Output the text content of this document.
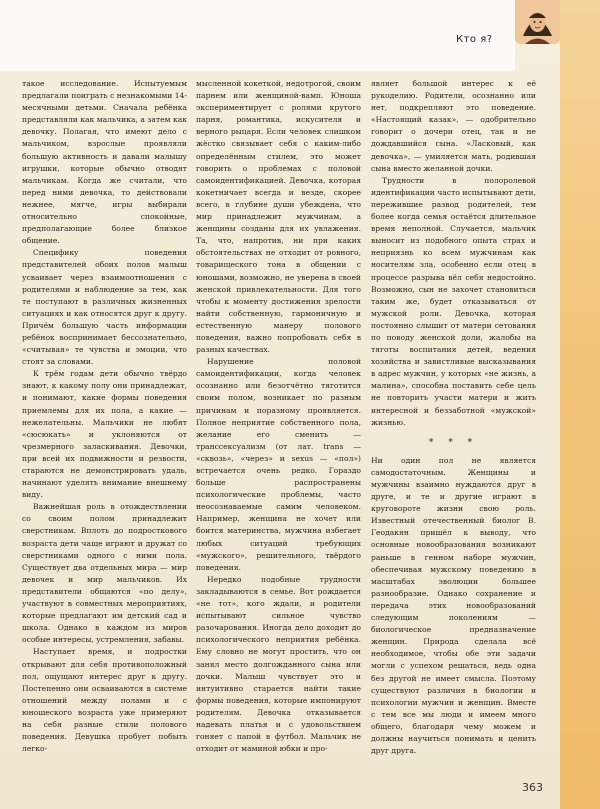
Кто я?

такое исследование. Испытуемым предлагали поиграть с незнакомыми 14-месячными детьми. Сначала ребёнка представляли как мальчика, а затем как девочку. Полагая, что имеют дело с мальчиком, взрослые проявляли большую активность и давали малышу игрушки, которые обычно отводят мальчикам. Когда же считали, что перед ними девочка, то действовали нежнее, мягче, игры выбирали относительно спокойные, предполагающие более близкое общение.

Специфику поведения представителей обоих полов малыш усваивает через взаимоотношения с родителями и наблюдение за тем, как те поступают в различных жизненных ситуациях и как относятся друг к другу. Причём большую часть информации ребёнок воспринимает бессознательно, «считывая» те чувства и эмоции, что стоят за словами.

К трём годам дети обычно твёрдо знают, к какому полу они принадлежат, и понимают, какие формы поведения приемлемы для их пола, а какие — нежелательны. Мальчики не любят «сюсюкать» и уклоняются от чрезмерного заласкивания. Девочки, при всей их подвижности и резвости, стараются не демонстрировать удаль, начинают уделять внимание внешнему виду.

Важнейшая роль в отождествлении со своим полом принадлежит сверстникам. Вплоть до подросткового возраста дети чаще играют и дружат со сверстниками одного с ними пола. Существует два отдельных мира — мир девочек и мир мальчиков. Их представители общаются «по делу», участвуют в совместных мероприятиях, которые предлагают им детский сад и школа. Однако в каждом из миров особые интересы, устремления, забавы.

Наступает время, и подростки открывают для себя противоположный пол, ощущают интерес друг к другу. Постепенно они осваиваются в системе отношений между полами и с юношеского возраста уже примеряют на себя разные стили полового поведения. Девушка пробует побыть легко-

мысленной кокеткой, недотрогой, своим парнем или женщиной-вамп. Юноша экспериментирует с ролями крутого парня, романтика, искусителя и верного рыцаря. Если человек слишком жёстко связывает себя с каким-либо определённым стилем, это может говорить о проблемах с половой самоидентификацией. Девочка, которая кокетничает всегда и везде, скорее всего, в глубине души убеждена, что мир принадлежит мужчинам, а женщины созданы для их увлажения. Та, что, напротив, ни при каких обстоятельствах не отходит от ровного, товарищеского тона в общении с юношами, возможно, не уверена в своей женской привлекательности. Для того чтобы к моменту достижения зрелости найти собственную, гармоничную и естественную манеру полового поведения, важно попробовать себя в разных качествах.

Нарушение половой самоидентификации, когда человек осознанно или безотчётно тяготится своим полом, возникает по разным причинам и поразному проявляется. Полное неприятие собственного пола, желание его сменить — транссексуализм (от лат. trans — «сквозь», «через» и sexus — «пол») встречается очень редко. Гораздо больше распространены психологические проблемы, часто неосознаваемые самим человеком. Например, женщина не хочет или боится материнства, мужчина избегает любых ситуаций требующих «мужского», решительного, твёрдого поведения.

Нередко подобные трудности закладываются в семье. Вот рождается «не тот», кого ждали, и родители испытывают сильное чувство разочарования. Иногда дело доходит до психологического неприятия ребёнка. Ему словно не могут простить, что он занял место долгожданного сына или дочки. Малыш чувствует это и интуитивно старается найти такие формы поведения, которые импонируют родителям. Девочка отказывается надевать платья и с удовольствием гоняет с папой в футбол. Мальчик не отходит от маминой юбки и про-

являет большой интерес к её рукоделию. Родители, осознанно или нет, подкрепляют это поведение. «Настоящий казак», — одобрительно говорит о дочери отец, так и не дождавшийся сына. «Ласковый, как девочка», — умиляется мать, родившая сына вместо желанной дочки.

Трудности в полоролевой идентификации часто испытывают дети, пережившие развод родителей, тем более когда семья остаётся длительное время неполной. Случается, мальчик выносит из подобного опыта страх и неприязнь ко всем мужчинам как носителям зла, особенно если отец в процессе разрыва вёл себя недостойно. Возможно, сын не захочет становиться таким же, будет отказываться от мужской роли. Девочка, которая постоянно слышит от матери сетования по поводу женской доли, жалобы на тяготы воспитания детей, ведения хозяйства и завистливые высказывания в адрес мужчин, у которых «не жизнь, а малина», способна поставить себе цель не повторить участи матери и жить интересной и беззаботной «мужской» жизнью.

* * *

Ни один пол не является самодостаточным. Женщины и мужчины взаимно нуждаются друг в друге, и те и другие играют в круговороте жизни свою роль. Известный отечественный биолог В. Геодакян пришёл к выводу, что основные новообразования возникают раньше в генном наборе мужчин, обеспечивая мужскому поведению в масштабах эволюции большее разнообразие. Однако сохранение и передача этих новообразований следующим поколениям — биологическое предназначение женщин. Природа сделала всё необходимое, чтобы обе эти задачи могли с успехом решаться, ведь одна без другой не имеет смысла. Поэтому существуют различия в биологии и психологии мужчин и женщин. Вместе с тем все мы люди и имеем много общего, благодаря чему можем и должны научиться понимать и ценить друг друга.

363
